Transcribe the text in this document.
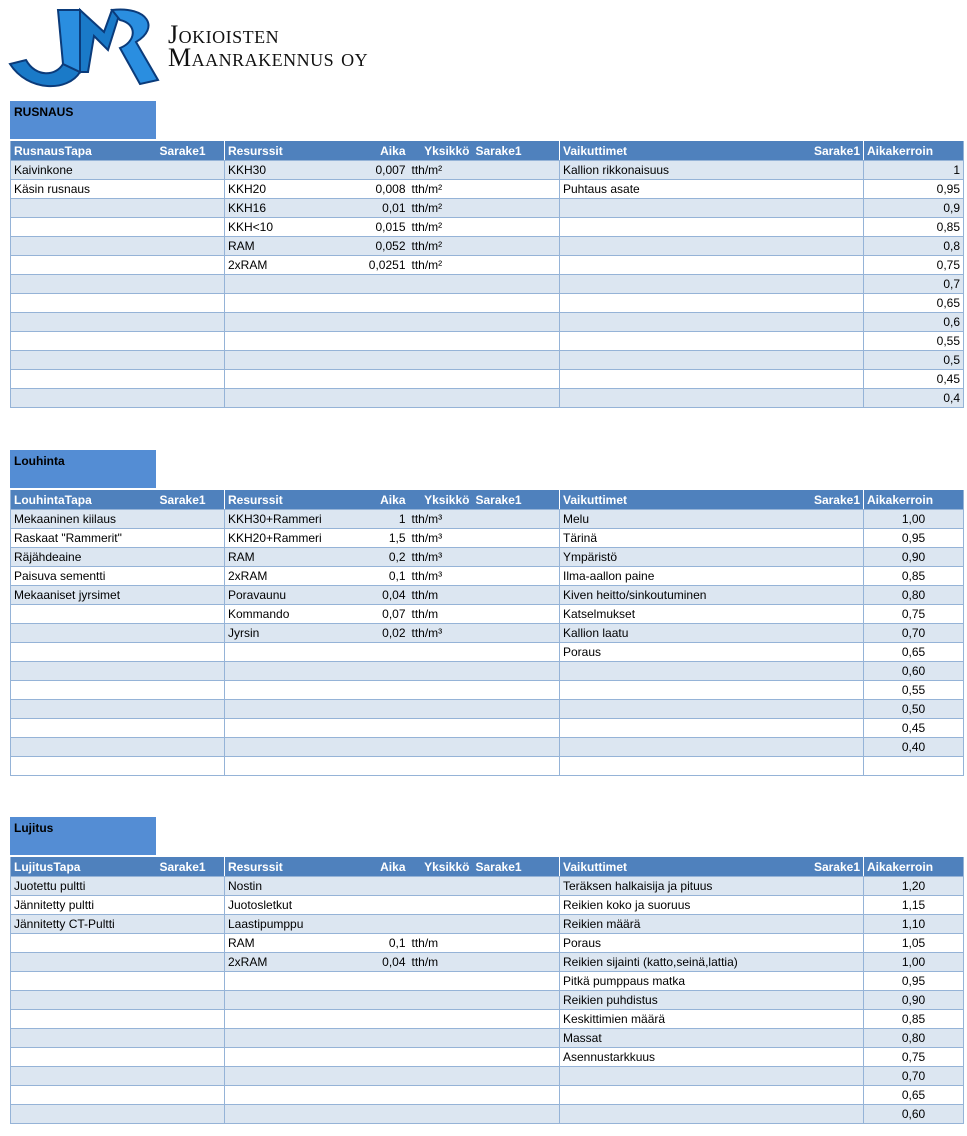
Jokioisten
Maanrakennus oy
RUSNAUS
RusnausTapa	Sarake1	Resurssit	Aika	Yksikkö	Sarake1	Vaikuttimet	Sarake1	Aikakerroin
Kaivinkone		KKH30	0,007	tth/m²		Kallion rikkonaisuus		1
Käsin rusnaus		KKH20	0,008	tth/m²		Puhtaus asate		0,95
		KKH16	0,01	tth/m²				0,9
		KKH<10	0,015	tth/m²				0,85
		RAM	0,052	tth/m²				0,8
		2xRAM	0,0251	tth/m²				0,75
								0,7
								0,65
								0,6
								0,55
								0,5
								0,45
								0,4
Louhinta
LouhintaTapa	Sarake1	Resurssit	Aika	Yksikkö	Sarake1	Vaikuttimet	Sarake1	Aikakerroin
Mekaaninen kiilaus		KKH30+Rammeri	1	tth/m³		Melu		1,00
Raskaat "Rammerit"		KKH20+Rammeri	1,5	tth/m³		Tärinä		0,95
Räjähdeaine		RAM	0,2	tth/m³		Ympäristö		0,90
Paisuva sementti		2xRAM	0,1	tth/m³		Ilma-aallon paine		0,85
Mekaaniset jyrsimet		Poravaunu	0,04	tth/m		Kiven heitto/sinkoutuminen		0,80
		Kommando	0,07	tth/m		Katselmukset		0,75
		Jyrsin	0,02	tth/m³		Kallion laatu		0,70
						Poraus		0,65
								0,60
								0,55
								0,50
								0,45
								0,40

Lujitus
LujitusTapa	Sarake1	Resurssit	Aika	Yksikkö	Sarake1	Vaikuttimet	Sarake1	Aikakerroin
Juotettu pultti		Nostin				Teräksen halkaisija ja pituus		1,20
Jännitetty pultti		Juotosletkut				Reikien koko ja suoruus		1,15
Jännitetty CT-Pultti		Laastipumppu				Reikien määrä		1,10
		RAM	0,1	tth/m		Poraus		1,05
		2xRAM	0,04	tth/m		Reikien sijainti (katto,seinä,lattia)		1,00
						Pitkä pumppaus matka		0,95
						Reikien puhdistus		0,90
						Keskittimien määrä		0,85
						Massat		0,80
						Asennustarkkuus		0,75
								0,70
								0,65
								0,60
